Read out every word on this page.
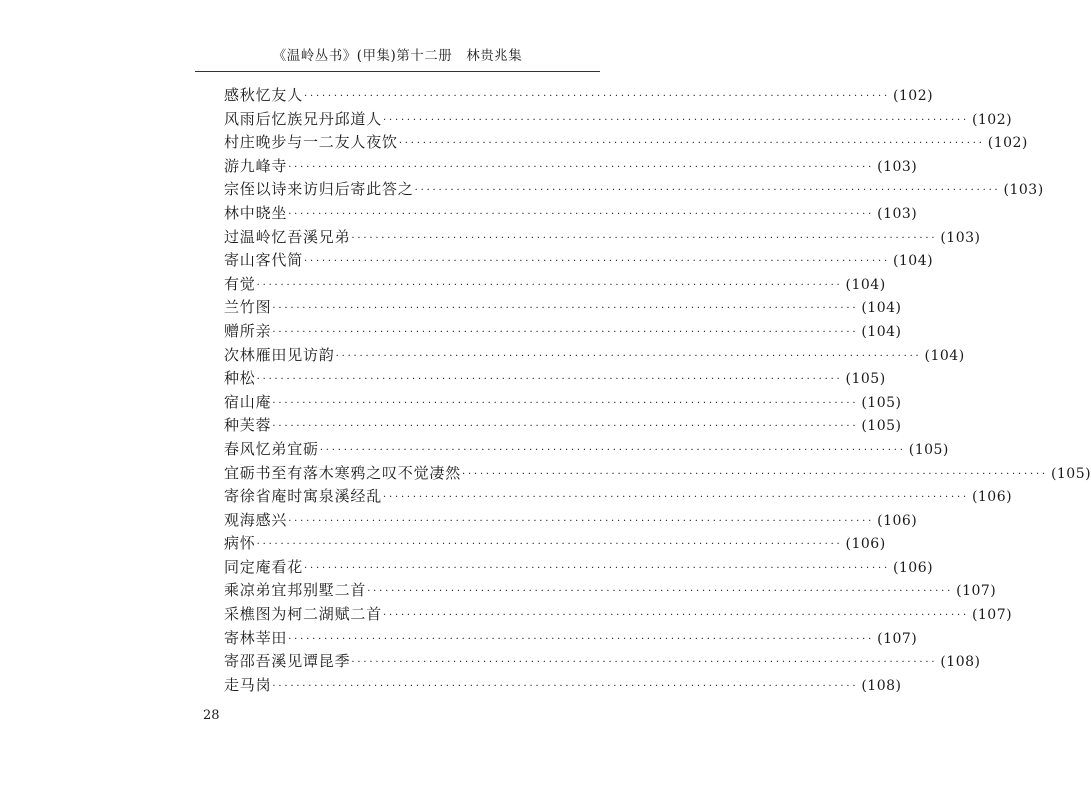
《温岭丛书》(甲集)第十二册　林贵兆集
感秋忆友人 ·································································································· (102)
风雨后忆族兄丹邱道人 ·································································································· (102)
村庄晚步与一二友人夜饮 ·································································································· (102)
游九峰寺 ·································································································· (103)
宗侄以诗来访归后寄此答之 ·································································································· (103)
林中晓坐 ·································································································· (103)
过温岭忆吾溪兄弟 ·································································································· (103)
寄山客代简 ·································································································· (104)
有觉 ·································································································· (104)
兰竹图 ·································································································· (104)
赠所亲 ·································································································· (104)
次林雁田见访韵 ·································································································· (104)
种松 ·································································································· (105)
宿山庵 ·································································································· (105)
种芙蓉 ·································································································· (105)
春风忆弟宜砺 ·································································································· (105)
宜砺书至有落木寒鸦之叹不觉凄然 ·································································································· (105)
寄徐省庵时寓泉溪经乱 ·································································································· (106)
观海感兴 ·································································································· (106)
病怀 ·································································································· (106)
同定庵看花 ·································································································· (106)
乘凉弟宜邦别墅二首 ·································································································· (107)
采樵图为柯二湖赋二首 ·································································································· (107)
寄林莘田 ·································································································· (107)
寄邵吾溪见谭昆季 ·································································································· (108)
走马岗 ·································································································· (108)
28
